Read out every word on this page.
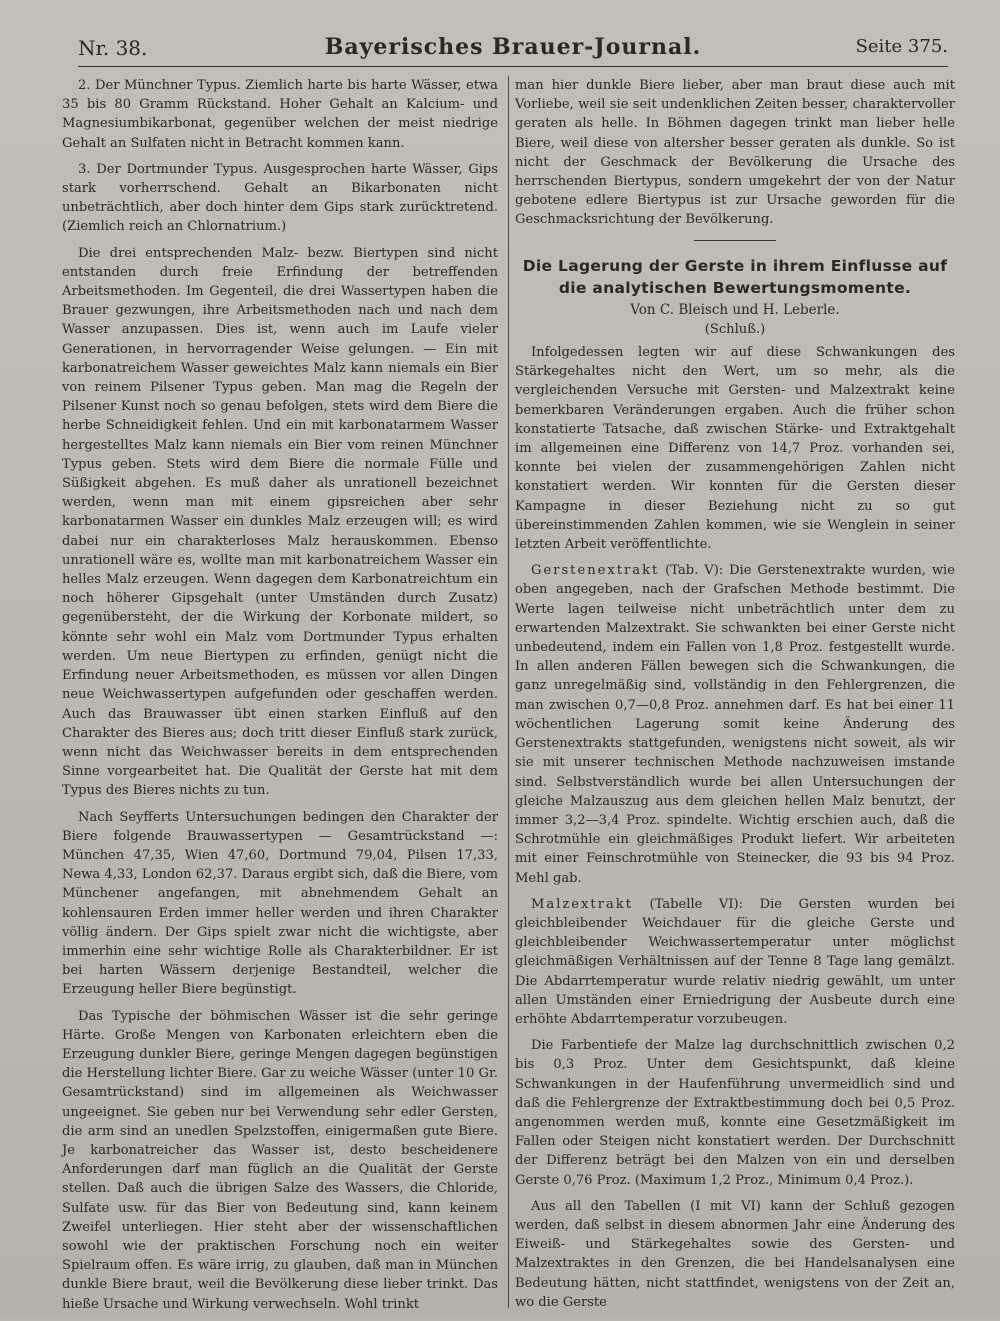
Nr. 38.	Bayerisches Brauer-Journal.	Seite 375.

2. Der Münchner Typus. Ziemlich harte bis harte Wässer, etwa 35 bis 80 Gramm Rückstand. Hoher Gehalt an Kalcium- und Magnesiumbikarbonat, gegenüber welchen der meist niedrige Gehalt an Sulfaten nicht in Betracht kommen kann.

3. Der Dortmunder Typus. Ausgesprochen harte Wässer, Gips stark vorherrschend. Gehalt an Bikarbonaten nicht unbeträchtlich, aber doch hinter dem Gips stark zurücktretend. (Ziemlich reich an Chlornatrium.)

Die drei entsprechenden Malz- bezw. Biertypen sind nicht entstanden durch freie Erfindung der betreffenden Arbeitsmethoden. Im Gegenteil, die drei Wassertypen haben die Brauer gezwungen, ihre Arbeitsmethoden nach und nach dem Wasser anzupassen. Dies ist, wenn auch im Laufe vieler Generationen, in hervorragender Weise gelungen. — Ein mit karbonatreichem Wasser geweichtes Malz kann niemals ein Bier von reinem Pilsener Typus geben. Man mag die Regeln der Pilsener Kunst noch so genau befolgen, stets wird dem Biere die herbe Schneidigkeit fehlen. Und ein mit karbonatarmem Wasser hergestelltes Malz kann niemals ein Bier vom reinen Münchner Typus geben. Stets wird dem Biere die normale Fülle und Süßigkeit abgehen. Es muß daher als unrationell bezeichnet werden, wenn man mit einem gipsreichen aber sehr karbonatarmen Wasser ein dunkles Malz erzeugen will; es wird dabei nur ein charakterloses Malz herauskommen. Ebenso unrationell wäre es, wollte man mit karbonatreichem Wasser ein helles Malz erzeugen. Wenn dagegen dem Karbonatreichtum ein noch höherer Gipsgehalt (unter Umständen durch Zusatz) gegenübersteht, der die Wirkung der Korbonate mildert, so könnte sehr wohl ein Malz vom Dortmunder Typus erhalten werden. Um neue Biertypen zu erfinden, genügt nicht die Erfindung neuer Arbeitsmethoden, es müssen vor allen Dingen neue Weichwassertypen aufgefunden oder geschaffen werden. Auch das Brauwasser übt einen starken Einfluß auf den Charakter des Bieres aus; doch tritt dieser Einfluß stark zurück, wenn nicht das Weichwasser bereits in dem entsprechenden Sinne vorgearbeitet hat. Die Qualität der Gerste hat mit dem Typus des Bieres nichts zu tun.

Nach Seyfferts Untersuchungen bedingen den Charakter der Biere folgende Brauwassertypen — Gesamtrückstand —: München 47,35, Wien 47,60, Dortmund 79,04, Pilsen 17,33, Newa 4,33, London 62,37. Daraus ergibt sich, daß die Biere, vom Münchener angefangen, mit abnehmendem Gehalt an kohlensauren Erden immer heller werden und ihren Charakter völlig ändern. Der Gips spielt zwar nicht die wichtigste, aber immerhin eine sehr wichtige Rolle als Charakterbildner. Er ist bei harten Wässern derjenige Bestandteil, welcher die Erzeugung heller Biere begünstigt.

Das Typische der böhmischen Wässer ist die sehr geringe Härte. Große Mengen von Karbonaten erleichtern eben die Erzeugung dunkler Biere, geringe Mengen dagegen begünstigen die Herstellung lichter Biere. Gar zu weiche Wässer (unter 10 Gr. Gesamtrückstand) sind im allgemeinen als Weichwasser ungeeignet. Sie geben nur bei Verwendung sehr edler Gersten, die arm sind an unedlen Spelzstoffen, einigermaßen gute Biere. Je karbonatreicher das Wasser ist, desto bescheidenere Anforderungen darf man füglich an die Qualität der Gerste stellen. Daß auch die übrigen Salze des Wassers, die Chloride, Sulfate usw. für das Bier von Bedeutung sind, kann keinem Zweifel unterliegen. Hier steht aber der wissenschaftlichen sowohl wie der praktischen Forschung noch ein weiter Spielraum offen. Es wäre irrig, zu glauben, daß man in München dunkle Biere braut, weil die Bevölkerung diese lieber trinkt. Das hieße Ursache und Wirkung verwechseln. Wohl trinkt

man hier dunkle Biere lieber, aber man braut diese auch mit Vorliebe, weil sie seit undenklichen Zeiten besser, charaktervoller geraten als helle. In Böhmen dagegen trinkt man lieber helle Biere, weil diese von altersher besser geraten als dunkle. So ist nicht der Geschmack der Bevölkerung die Ursache des herrschenden Biertypus, sondern umgekehrt der von der Natur gebotene edlere Biertypus ist zur Ursache geworden für die Geschmacksrichtung der Bevölkerung.

Die Lagerung der Gerste in ihrem Einflusse auf die analytischen Bewertungsmomente.
Von C. Bleisch und H. Leberle.
(Schluß.)

Infolgedessen legten wir auf diese Schwankungen des Stärkegehaltes nicht den Wert, um so mehr, als die vergleichenden Versuche mit Gersten- und Malzextrakt keine bemerkbaren Veränderungen ergaben. Auch die früher schon konstatierte Tatsache, daß zwischen Stärke- und Extraktgehalt im allgemeinen eine Differenz von 14,7 Proz. vorhanden sei, konnte bei vielen der zusammengehörigen Zahlen nicht konstatiert werden. Wir konnten für die Gersten dieser Kampagne in dieser Beziehung nicht zu so gut übereinstimmenden Zahlen kommen, wie sie Wenglein in seiner letzten Arbeit veröffentlichte.

Gerstenextrakt (Tab. V): Die Gerstenextrakte wurden, wie oben angegeben, nach der Grafschen Methode bestimmt. Die Werte lagen teilweise nicht unbeträchtlich unter dem zu erwartenden Malzextrakt. Sie schwankten bei einer Gerste nicht unbedeutend, indem ein Fallen von 1,8 Proz. festgestellt wurde. In allen anderen Fällen bewegen sich die Schwankungen, die ganz unregelmäßig sind, vollständig in den Fehlergrenzen, die man zwischen 0,7—0,8 Proz. annehmen darf. Es hat bei einer 11 wöchentlichen Lagerung somit keine Änderung des Gerstenextrakts stattgefunden, wenigstens nicht soweit, als wir sie mit unserer technischen Methode nachzuweisen imstande sind. Selbstverständlich wurde bei allen Untersuchungen der gleiche Malzauszug aus dem gleichen hellen Malz benutzt, der immer 3,2—3,4 Proz. spindelte. Wichtig erschien auch, daß die Schrotmühle ein gleichmäßiges Produkt liefert. Wir arbeiteten mit einer Feinschrotmühle von Steinecker, die 93 bis 94 Proz. Mehl gab.

Malzextrakt (Tabelle VI): Die Gersten wurden bei gleichbleibender Weichdauer für die gleiche Gerste und gleichbleibender Weichwassertemperatur unter möglichst gleichmäßigen Verhältnissen auf der Tenne 8 Tage lang gemälzt. Die Abdarrtemperatur wurde relativ niedrig gewählt, um unter allen Umständen einer Erniedrigung der Ausbeute durch eine erhöhte Abdarrtemperatur vorzubeugen.

Die Farbentiefe der Malze lag durchschnittlich zwischen 0,2 bis 0,3 Proz. Unter dem Gesichtspunkt, daß kleine Schwankungen in der Haufenführung unvermeidlich sind und daß die Fehlergrenze der Extraktbestimmung doch bei 0,5 Proz. angenommen werden muß, konnte eine Gesetzmäßigkeit im Fallen oder Steigen nicht konstatiert werden. Der Durchschnitt der Differenz beträgt bei den Malzen von ein und derselben Gerste 0,76 Proz. (Maximum 1,2 Proz., Minimum 0,4 Proz.).

Aus all den Tabellen (I mit VI) kann der Schluß gezogen werden, daß selbst in diesem abnormen Jahr eine Änderung des Eiweiß- und Stärkegehaltes sowie des Gersten- und Malzextraktes in den Grenzen, die bei Handelsanalysen eine Bedeutung hätten, nicht stattfindet, wenigstens von der Zeit an, wo die Gerste
